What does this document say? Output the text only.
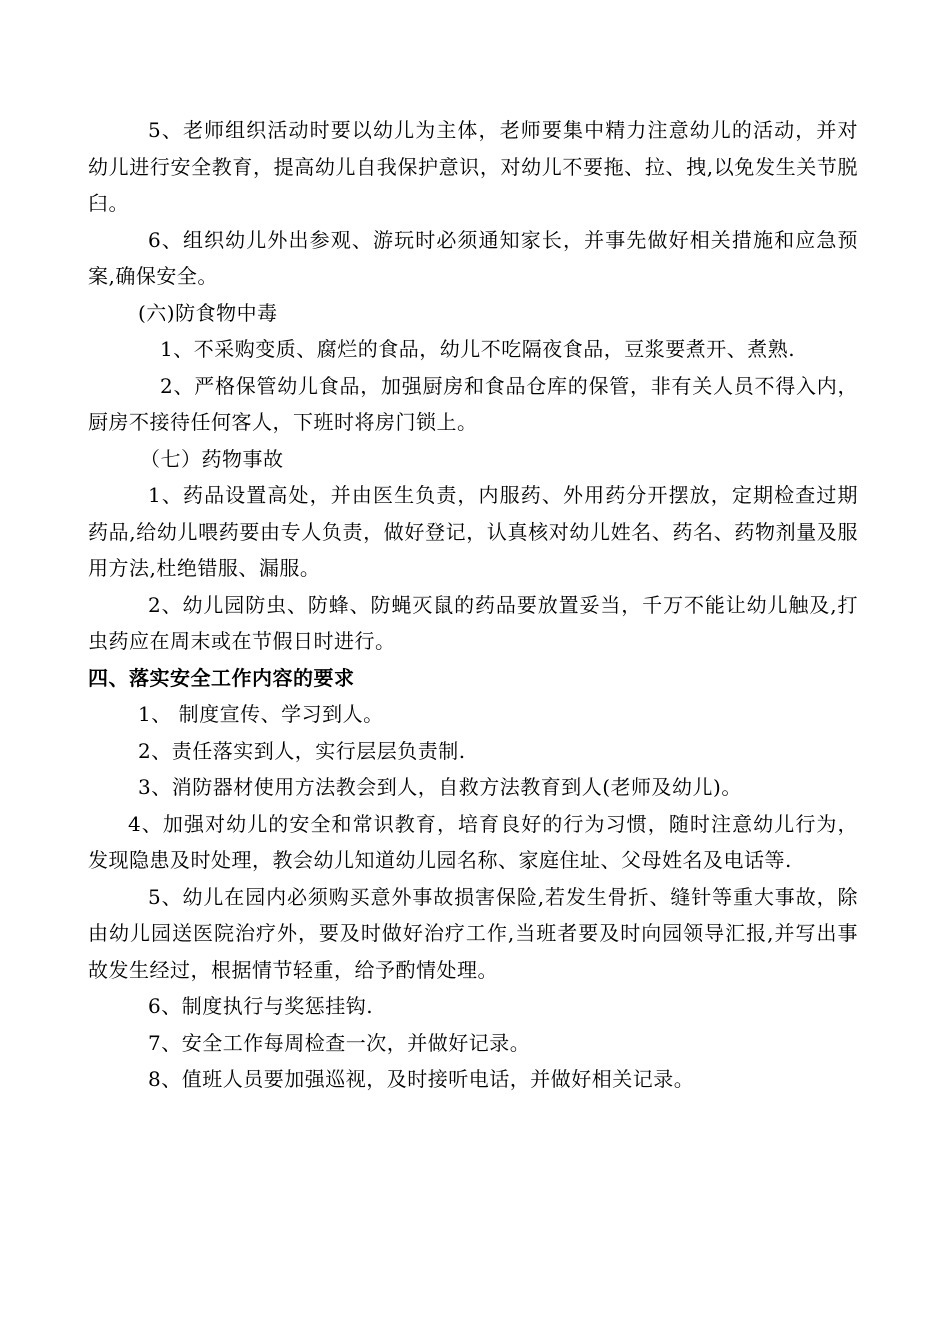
5、老师组织活动时要以幼儿为主体，老师要集中精力注意幼儿的活动，并对幼儿进行安全教育，提高幼儿自我保护意识，对幼儿不要拖、拉、拽,以免发生关节脱臼。

6、组织幼儿外出参观、游玩时必须通知家长，并事先做好相关措施和应急预案,确保安全。

(六)防食物中毒

1、不采购变质、腐烂的食品，幼儿不吃隔夜食品，豆浆要煮开、煮熟.

2、严格保管幼儿食品，加强厨房和食品仓库的保管，非有关人员不得入内，厨房不接待任何客人，下班时将房门锁上。

（七）药物事故

1、药品设置高处，并由医生负责，内服药、外用药分开摆放，定期检查过期药品,给幼儿喂药要由专人负责，做好登记，认真核对幼儿姓名、药名、药物剂量及服用方法,杜绝错服、漏服。

2、幼儿园防虫、防蜂、防蝇灭鼠的药品要放置妥当，千万不能让幼儿触及,打虫药应在周末或在节假日时进行。

四、落实安全工作内容的要求

1、 制度宣传、学习到人。

2、责任落实到人，实行层层负责制.

3、消防器材使用方法教会到人，自救方法教育到人(老师及幼儿)。

4、加强对幼儿的安全和常识教育，培育良好的行为习惯，随时注意幼儿行为，发现隐患及时处理，教会幼儿知道幼儿园名称、家庭住址、父母姓名及电话等.

5、幼儿在园内必须购买意外事故损害保险,若发生骨折、缝针等重大事故，除由幼儿园送医院治疗外，要及时做好治疗工作,当班者要及时向园领导汇报,并写出事故发生经过，根据情节轻重，给予酌情处理。

6、制度执行与奖惩挂钩.

7、安全工作每周检查一次，并做好记录。

8、值班人员要加强巡视，及时接听电话，并做好相关记录。
